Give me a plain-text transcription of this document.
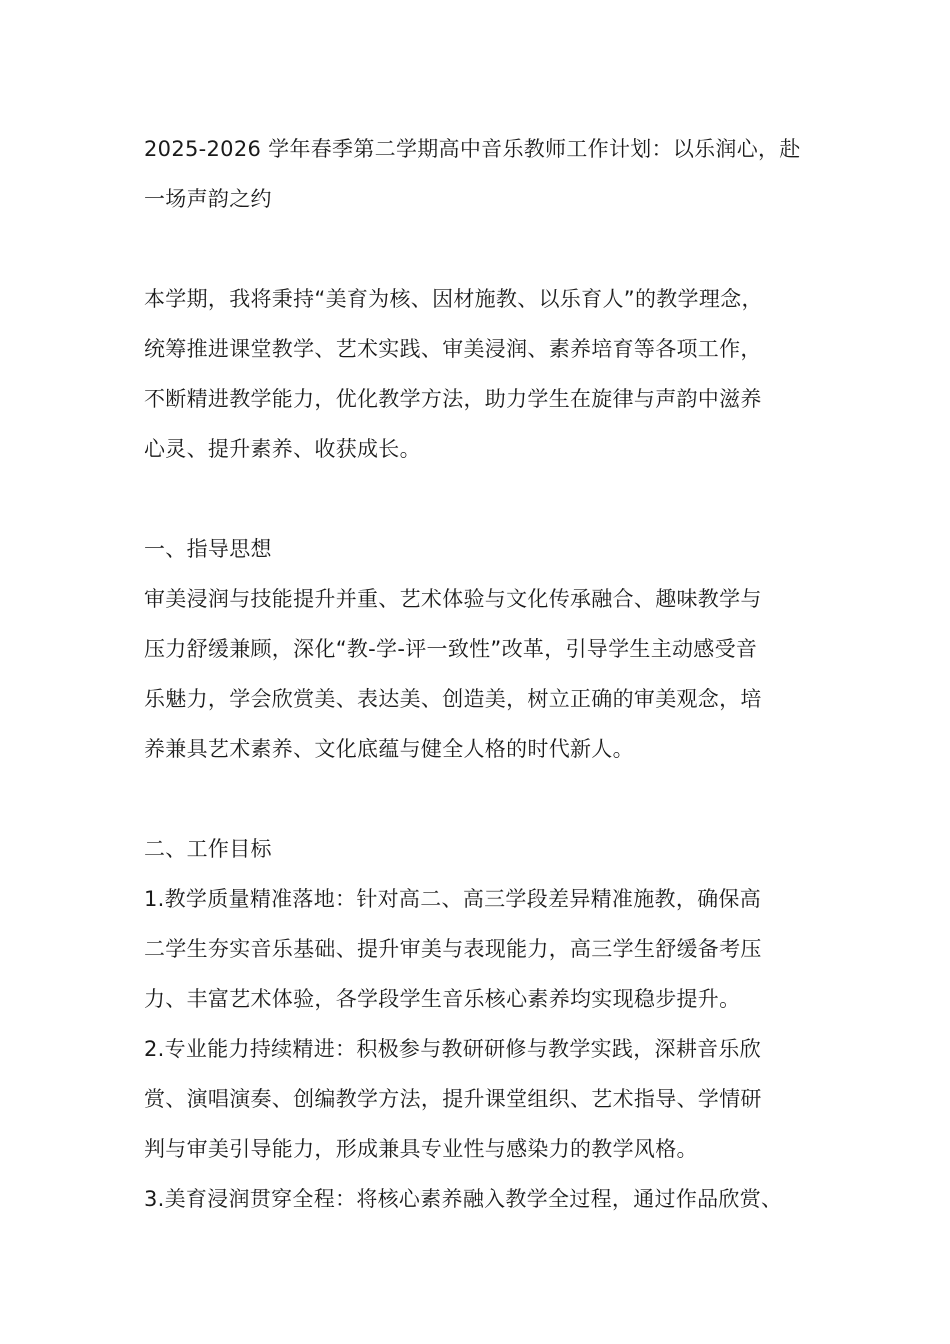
2025-2026 学年春季第二学期高中音乐教师工作计划：以乐润心，赴
一场声韵之约
本学期，我将秉持“美育为核、因材施教、以乐育人”的教学理念，
统筹推进课堂教学、艺术实践、审美浸润、素养培育等各项工作，
不断精进教学能力，优化教学方法，助力学生在旋律与声韵中滋养
心灵、提升素养、收获成长。
一、指导思想
审美浸润与技能提升并重、艺术体验与文化传承融合、趣味教学与
压力舒缓兼顾，深化“教-学-评一致性”改革，引导学生主动感受音
乐魅力，学会欣赏美、表达美、创造美，树立正确的审美观念，培
养兼具艺术素养、文化底蕴与健全人格的时代新人。
二、工作目标
1.教学质量精准落地：针对高二、高三学段差异精准施教，确保高
二学生夯实音乐基础、提升审美与表现能力，高三学生舒缓备考压
力、丰富艺术体验，各学段学生音乐核心素养均实现稳步提升。
2.专业能力持续精进：积极参与教研研修与教学实践，深耕音乐欣
赏、演唱演奏、创编教学方法，提升课堂组织、艺术指导、学情研
判与审美引导能力，形成兼具专业性与感染力的教学风格。
3.美育浸润贯穿全程：将核心素养融入教学全过程，通过作品欣赏、
